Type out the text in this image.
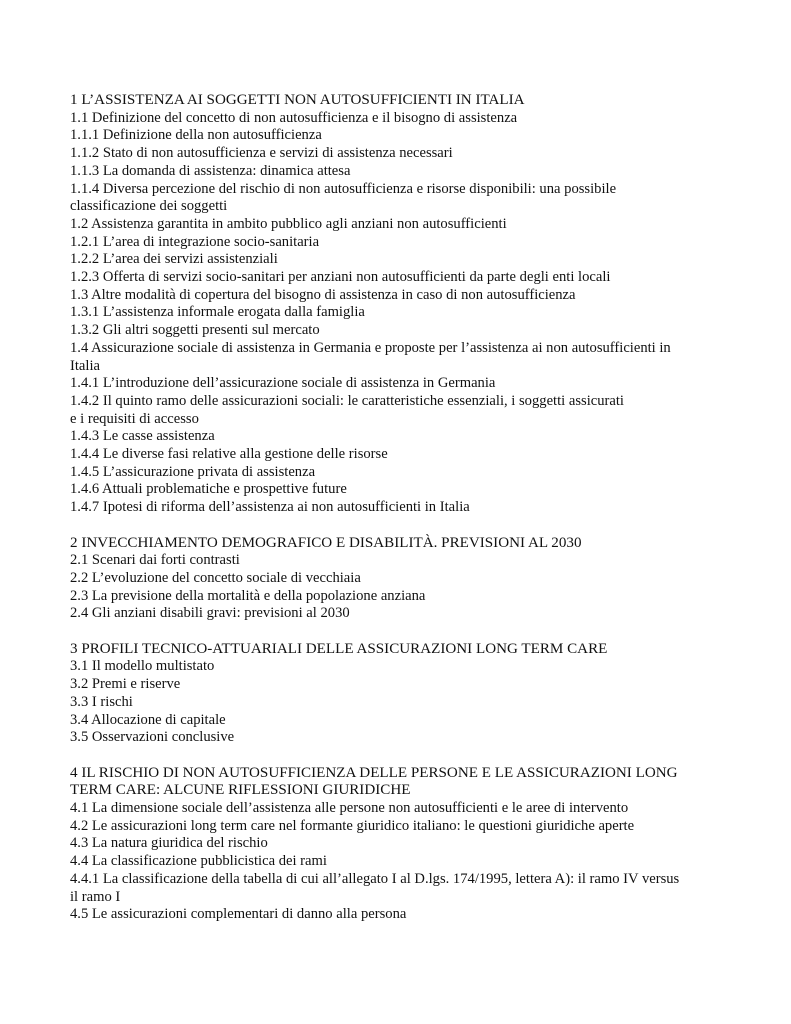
1 L’ASSISTENZA AI SOGGETTI NON AUTOSUFFICIENTI IN ITALIA
1.1 Definizione del concetto di non autosufficienza e il bisogno di assistenza
1.1.1 Definizione della non autosufficienza
1.1.2 Stato di non autosufficienza e servizi di assistenza necessari
1.1.3 La domanda di assistenza: dinamica attesa
1.1.4 Diversa percezione del rischio di non autosufficienza e risorse disponibili: una possibile
classificazione dei soggetti
1.2 Assistenza garantita in ambito pubblico agli anziani non autosufficienti
1.2.1 L’area di integrazione socio-sanitaria
1.2.2 L’area dei servizi assistenziali
1.2.3 Offerta di servizi socio-sanitari per anziani non autosufficienti da parte degli enti locali
1.3 Altre modalità di copertura del bisogno di assistenza in caso di non autosufficienza
1.3.1 L’assistenza informale erogata dalla famiglia
1.3.2 Gli altri soggetti presenti sul mercato
1.4 Assicurazione sociale di assistenza in Germania e proposte per l’assistenza ai non autosufficienti in
Italia
1.4.1 L’introduzione dell’assicurazione sociale di assistenza in Germania
1.4.2 Il quinto ramo delle assicurazioni sociali: le caratteristiche essenziali, i soggetti assicurati
e i requisiti di accesso
1.4.3 Le casse assistenza
1.4.4 Le diverse fasi relative alla gestione delle risorse
1.4.5 L’assicurazione privata di assistenza
1.4.6 Attuali problematiche e prospettive future
1.4.7 Ipotesi di riforma dell’assistenza ai non autosufficienti in Italia
2 INVECCHIAMENTO DEMOGRAFICO E DISABILITÀ. PREVISIONI AL 2030
2.1 Scenari dai forti contrasti
2.2 L’evoluzione del concetto sociale di vecchiaia
2.3 La previsione della mortalità e della popolazione anziana
2.4 Gli anziani disabili gravi: previsioni al 2030
3 PROFILI TECNICO-ATTUARIALI DELLE ASSICURAZIONI LONG TERM CARE
3.1 Il modello multistato
3.2 Premi e riserve
3.3 I rischi
3.4 Allocazione di capitale
3.5 Osservazioni conclusive
4 IL RISCHIO DI NON AUTOSUFFICIENZA DELLE PERSONE E LE ASSICURAZIONI LONG
TERM CARE: ALCUNE RIFLESSIONI GIURIDICHE
4.1 La dimensione sociale dell’assistenza alle persone non autosufficienti e le aree di intervento
4.2 Le assicurazioni long term care nel formante giuridico italiano: le questioni giuridiche aperte
4.3 La natura giuridica del rischio
4.4 La classificazione pubblicistica dei rami
4.4.1 La classificazione della tabella di cui all’allegato I al D.lgs. 174/1995, lettera A): il ramo IV versus
il ramo I
4.5 Le assicurazioni complementari di danno alla persona
